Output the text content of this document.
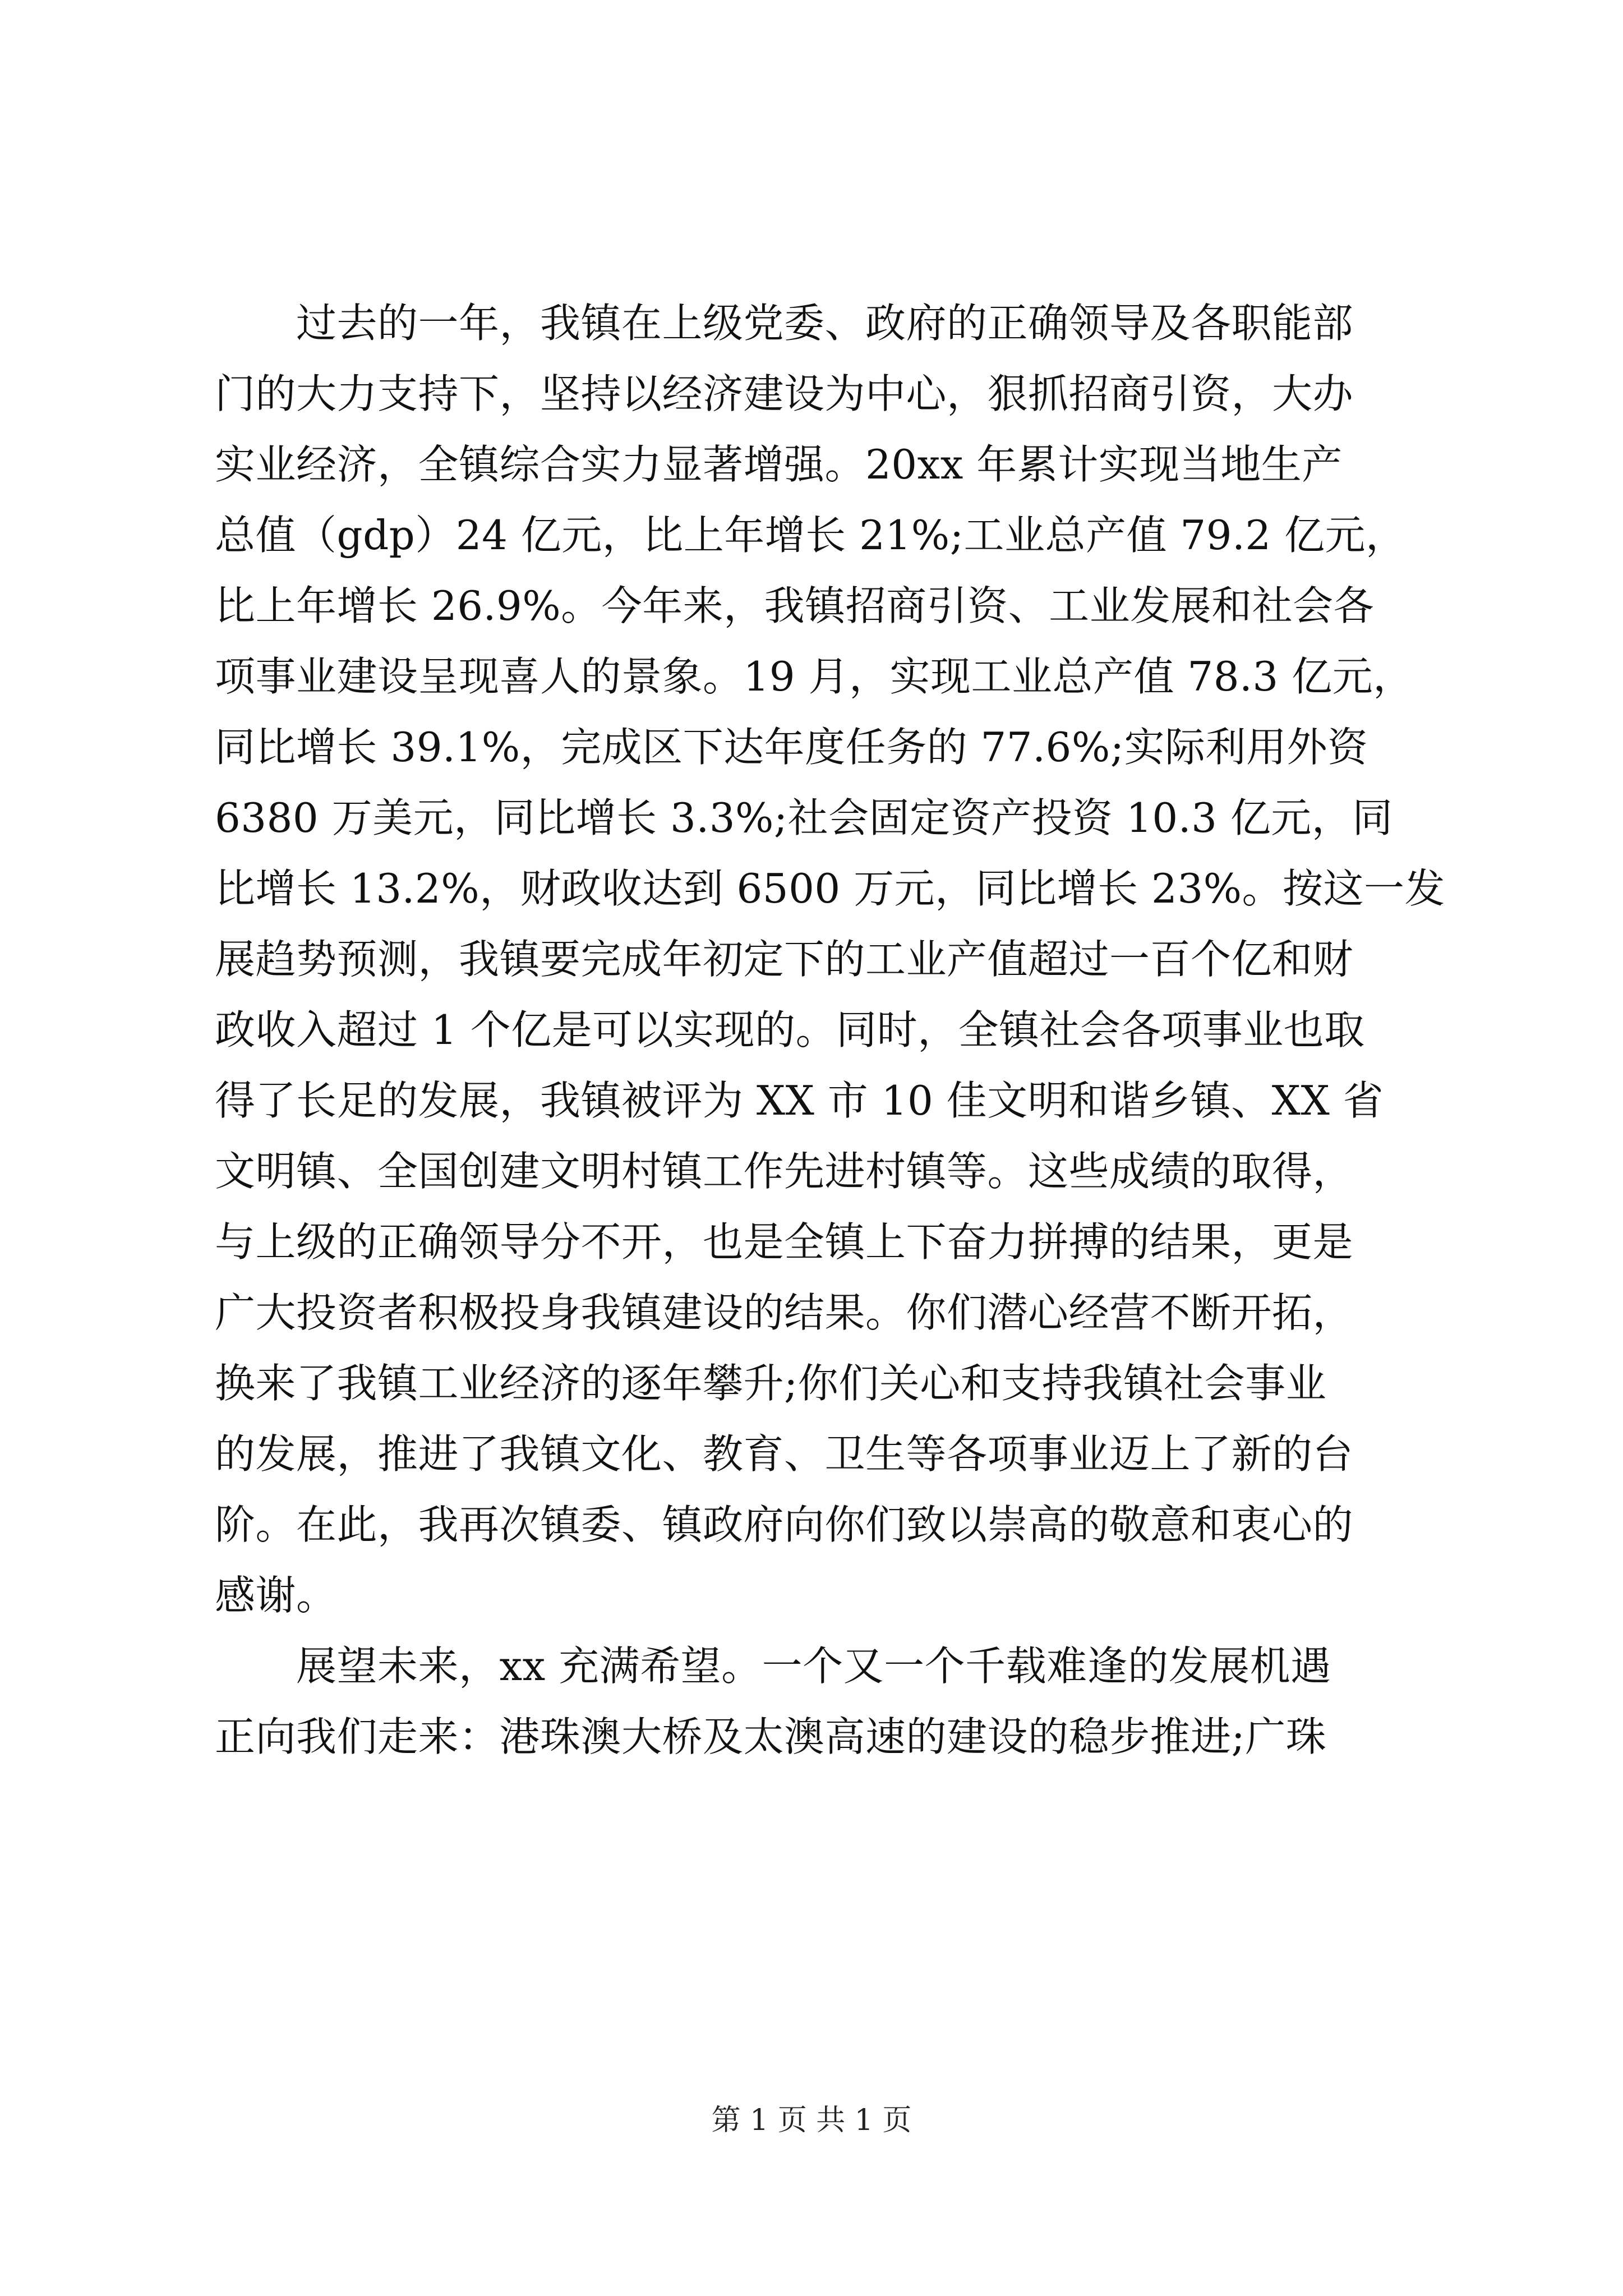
　　过去的一年，我镇在上级党委、政府的正确领导及各职能部
门的大力支持下，坚持以经济建设为中心，狠抓招商引资，大办
实业经济，全镇综合实力显著增强。20xx 年累计实现当地生产
总值（gdp）24 亿元，比上年增长 21%;工业总产值 79.2 亿元，
比上年增长 26.9%。今年来，我镇招商引资、工业发展和社会各
项事业建设呈现喜人的景象。19 月，实现工业总产值 78.3 亿元，
同比增长 39.1%，完成区下达年度任务的 77.6%;实际利用外资
6380 万美元，同比增长 3.3%;社会固定资产投资 10.3 亿元，同
比增长 13.2%，财政收达到 6500 万元，同比增长 23%。按这一发
展趋势预测，我镇要完成年初定下的工业产值超过一百个亿和财
政收入超过 1 个亿是可以实现的。同时，全镇社会各项事业也取
得了长足的发展，我镇被评为 XX 市 10 佳文明和谐乡镇、XX 省
文明镇、全国创建文明村镇工作先进村镇等。这些成绩的取得，
与上级的正确领导分不开，也是全镇上下奋力拼搏的结果，更是
广大投资者积极投身我镇建设的结果。你们潜心经营不断开拓，
换来了我镇工业经济的逐年攀升;你们关心和支持我镇社会事业
的发展，推进了我镇文化、教育、卫生等各项事业迈上了新的台
阶。在此，我再次镇委、镇政府向你们致以崇高的敬意和衷心的
感谢。
　　展望未来，xx 充满希望。一个又一个千载难逢的发展机遇
正向我们走来：港珠澳大桥及太澳高速的建设的稳步推进;广珠
第 1 页 共 1 页
